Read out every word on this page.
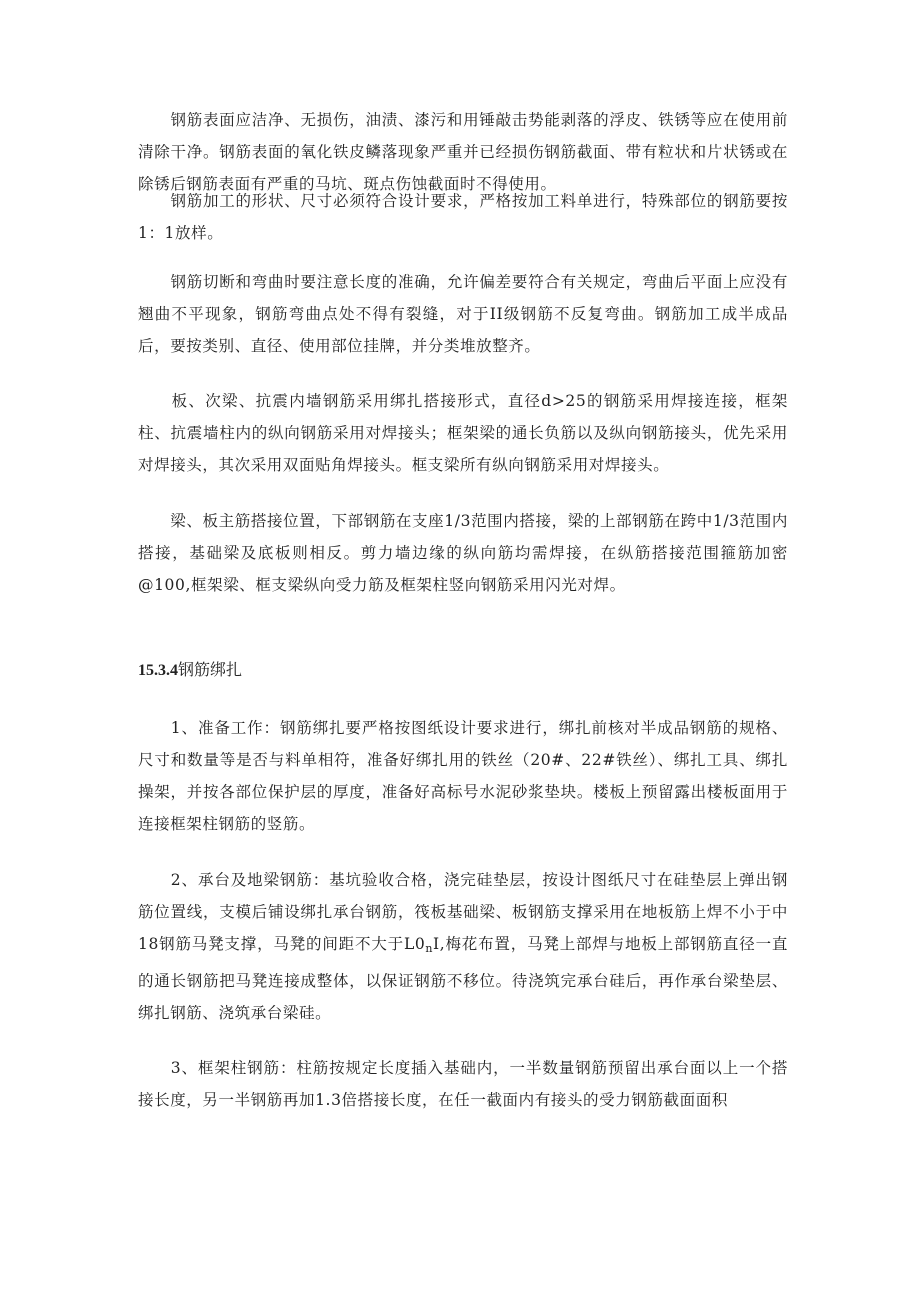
　　钢筋表面应洁净、无损伤，油渍、漆污和用锤敲击势能剥落的浮皮、铁锈等应在使用前清除干净。钢筋表面的氧化铁皮鳞落现象严重并已经损伤钢筋截面、带有粒状和片状锈或在除锈后钢筋表面有严重的马坑、斑点伤蚀截面时不得使用。

　　钢筋加工的形状、尺寸必须符合设计要求，严格按加工料单进行，特殊部位的钢筋要按1：1放样。

　　钢筋切断和弯曲时要注意长度的准确，允许偏差要符合有关规定，弯曲后平面上应没有翘曲不平现象，钢筋弯曲点处不得有裂缝，对于II级钢筋不反复弯曲。钢筋加工成半成品后，要按类别、直径、使用部位挂牌，并分类堆放整齐。

　　板、次梁、抗震内墙钢筋采用绑扎搭接形式，直径d>25的钢筋采用焊接连接，框架柱、抗震墙柱内的纵向钢筋采用对焊接头；框架梁的通长负筋以及纵向钢筋接头，优先采用对焊接头，其次采用双面贴角焊接头。框支梁所有纵向钢筋采用对焊接头。

　　梁、板主筋搭接位置，下部钢筋在支座1/3范围内搭接，梁的上部钢筋在跨中1/3范围内搭接，基础梁及底板则相反。剪力墙边缘的纵向筋均需焊接，在纵筋搭接范围箍筋加密@100,框架梁、框支梁纵向受力筋及框架柱竖向钢筋采用闪光对焊。

15.3.4钢筋绑扎

　　1、准备工作：钢筋绑扎要严格按图纸设计要求进行，绑扎前核对半成品钢筋的规格、尺寸和数量等是否与料单相符，准备好绑扎用的铁丝（20#、22#铁丝）、绑扎工具、绑扎操架，并按各部位保护层的厚度，准备好高标号水泥砂浆垫块。楼板上预留露出楼板面用于连接框架柱钢筋的竖筋。

　　2、承台及地梁钢筋：基坑验收合格，浇完硅垫层，按设计图纸尺寸在硅垫层上弹出钢筋位置线，支模后铺设绑扎承台钢筋，筏板基础梁、板钢筋支撑采用在地板筋上焊不小于中18钢筋马凳支撑，马凳的间距不大于$L0_nI$,梅花布置，马凳上部焊与地板上部钢筋直径一直的通长钢筋把马凳连接成整体，以保证钢筋不移位。待浇筑完承台硅后，再作承台梁垫层、绑扎钢筋、浇筑承台梁硅。

　　3、框架柱钢筋：柱筋按规定长度插入基础内，一半数量钢筋预留出承台面以上一个搭接长度，另一半钢筋再加1.3倍搭接长度，在任一截面内有接头的受力钢筋截面面积
